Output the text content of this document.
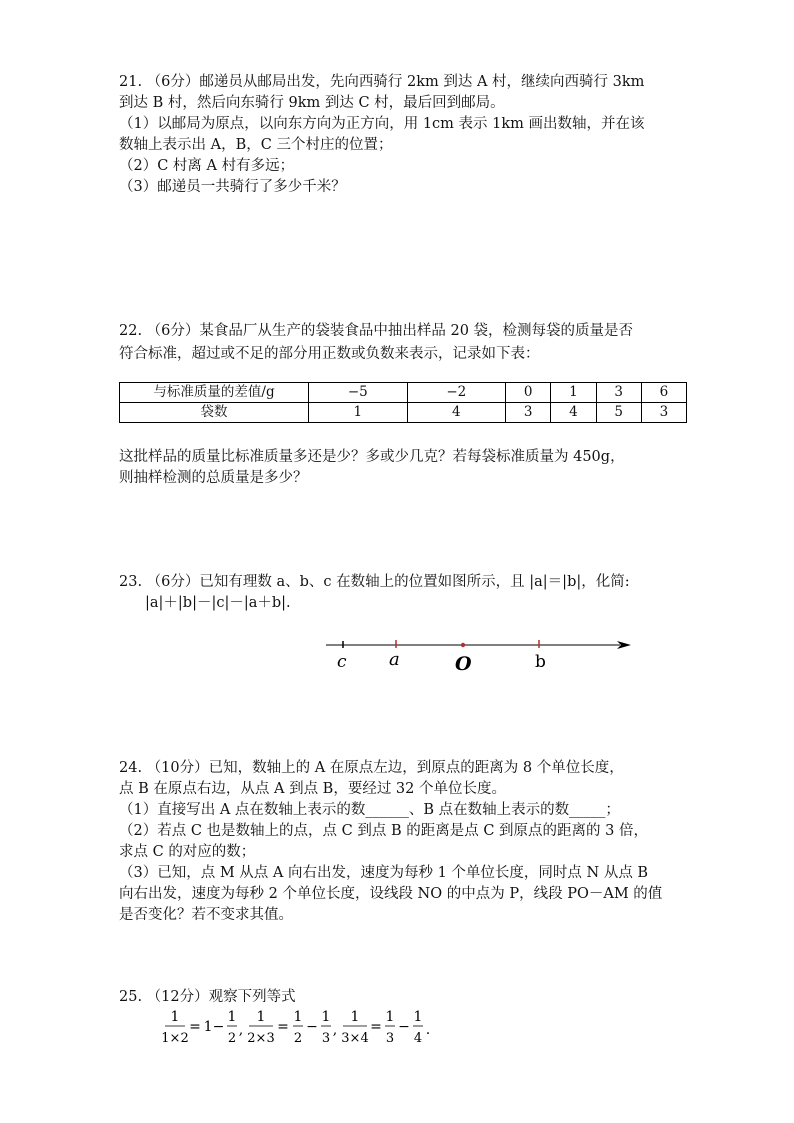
21. （6分）邮递员从邮局出发，先向西骑行 2km 到达 A 村，继续向西骑行 3km
到达 B 村，然后向东骑行 9km 到达 C 村，最后回到邮局。
（1）以邮局为原点，以向东方向为正方向，用 1cm 表示 1km 画出数轴，并在该
数轴上表示出 A，B，C 三个村庄的位置；
（2）C 村离 A 村有多远；
（3）邮递员一共骑行了多少千米？
22. （6分）某食品厂从生产的袋装食品中抽出样品 20 袋，检测每袋的质量是否
符合标准，超过或不足的部分用正数或负数来表示，记录如下表：
与标准质量的差值/g	−5	−2	0	1	3	6
袋数	1	4	3	4	5	3
这批样品的质量比标准质量多还是少？多或少几克？若每袋标准质量为 450g，
则抽样检测的总质量是多少？
23. （6分）已知有理数 a、b、c 在数轴上的位置如图所示，且 |a|＝|b|，化简:
|a|＋|b|－|c|－|a＋b|.
c a	O	b
24. （10分）已知，数轴上的 A 在原点左边，到原点的距离为 8 个单位长度，
点 B 在原点右边，从点 A 到点 B，要经过 32 个单位长度。
（1）直接写出 A 点在数轴上表示的数______、B 点在数轴上表示的数_____；
（2）若点 C 也是数轴上的点，点 C 到点 B 的距离是点 C 到原点的距离的 3 倍，
求点 C 的对应的数；
（3）已知，点 M 从点 A 向右出发，速度为每秒 1 个单位长度，同时点 N 从点 B
向右出发，速度为每秒 2 个单位长度，设线段 NO 的中点为 P，线段 PO－AM 的值
是否变化？若不变求其值。
25. （12分）观察下列等式
1
1×2
= 1−
1
2
,
1
2×3
=
1
2
−
1
3
,
1
3×4
=
1
3
−
1
4
.
